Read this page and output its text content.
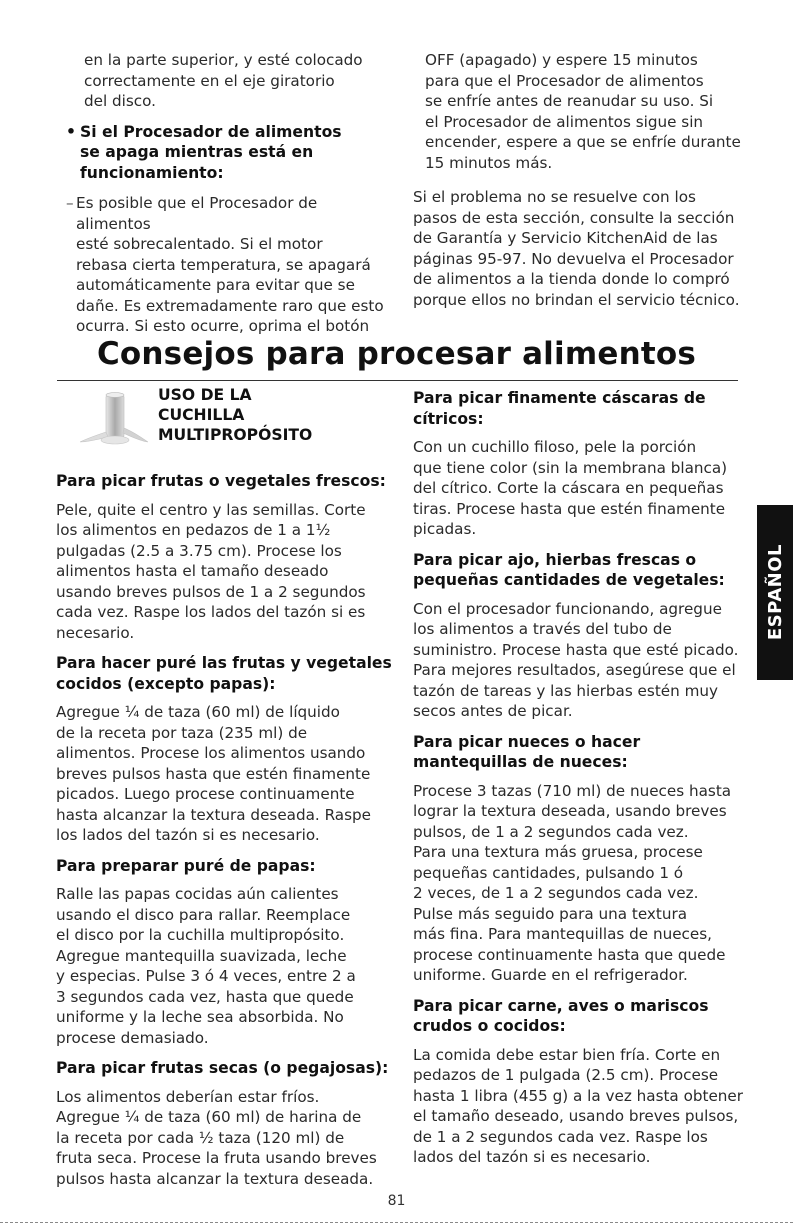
en la parte superior, y esté colocado
correctamente en el eje giratorio
del disco.
• Si el Procesador de alimentos
se apaga mientras está en
funcionamiento:
– Es posible que el Procesador de alimentos
esté sobrecalentado. Si el motor
rebasa cierta temperatura, se apagará
automáticamente para evitar que se
dañe. Es extremadamente raro que esto
ocurra. Si esto ocurre, oprima el botón
OFF (apagado) y espere 15 minutos
para que el Procesador de alimentos
se enfríe antes de reanudar su uso. Si
el Procesador de alimentos sigue sin
encender, espere a que se enfríe durante
15 minutos más.
Si el problema no se resuelve con los
pasos de esta sección, consulte la sección
de Garantía y Servicio KitchenAid de las
páginas 95-97. No devuelva el Procesador
de alimentos a la tienda donde lo compró
porque ellos no brindan el servicio técnico.
Consejos para procesar alimentos
USO DE LA
CUCHILLA
MULTIPROPÓSITO
Para picar frutas o vegetales frescos:
Pele, quite el centro y las semillas. Corte
los alimentos en pedazos de 1 a 1½
pulgadas (2.5 a 3.75 cm). Procese los
alimentos hasta el tamaño deseado
usando breves pulsos de 1 a 2 segundos
cada vez. Raspe los lados del tazón si es
necesario.
Para hacer puré las frutas y vegetales
cocidos (excepto papas):
Agregue ¼ de taza (60 ml) de líquido
de la receta por taza (235 ml) de
alimentos. Procese los alimentos usando
breves pulsos hasta que estén finamente
picados. Luego procese continuamente
hasta alcanzar la textura deseada. Raspe
los lados del tazón si es necesario.
Para preparar puré de papas:
Ralle las papas cocidas aún calientes
usando el disco para rallar. Reemplace
el disco por la cuchilla multipropósito.
Agregue mantequilla suavizada, leche
y especias. Pulse 3 ó 4 veces, entre 2 a
3 segundos cada vez, hasta que quede
uniforme y la leche sea absorbida. No
procese demasiado.
Para picar frutas secas (o pegajosas):
Los alimentos deberían estar fríos.
Agregue ¼ de taza (60 ml) de harina de
la receta por cada ½ taza (120 ml) de
fruta seca. Procese la fruta usando breves
pulsos hasta alcanzar la textura deseada.
Para picar finamente cáscaras de
cítricos:
Con un cuchillo filoso, pele la porción
que tiene color (sin la membrana blanca)
del cítrico. Corte la cáscara en pequeñas
tiras. Procese hasta que estén finamente
picadas.
Para picar ajo, hierbas frescas o
pequeñas cantidades de vegetales:
Con el procesador funcionando, agregue
los alimentos a través del tubo de
suministro. Procese hasta que esté picado.
Para mejores resultados, asegúrese que el
tazón de tareas y las hierbas estén muy
secos antes de picar.
Para picar nueces o hacer
mantequillas de nueces:
Procese 3 tazas (710 ml) de nueces hasta
lograr la textura deseada, usando breves
pulsos, de 1 a 2 segundos cada vez.
Para una textura más gruesa, procese
pequeñas cantidades, pulsando 1 ó
2 veces, de 1 a 2 segundos cada vez.
Pulse más seguido para una textura
más fina. Para mantequillas de nueces,
procese continuamente hasta que quede
uniforme. Guarde en el refrigerador.
Para picar carne, aves o mariscos
crudos o cocidos:
La comida debe estar bien fría. Corte en
pedazos de 1 pulgada (2.5 cm). Procese
hasta 1 libra (455 g) a la vez hasta obtener
el tamaño deseado, usando breves pulsos,
de 1 a 2 segundos cada vez. Raspe los
lados del tazón si es necesario.
ESPAÑOL
81
